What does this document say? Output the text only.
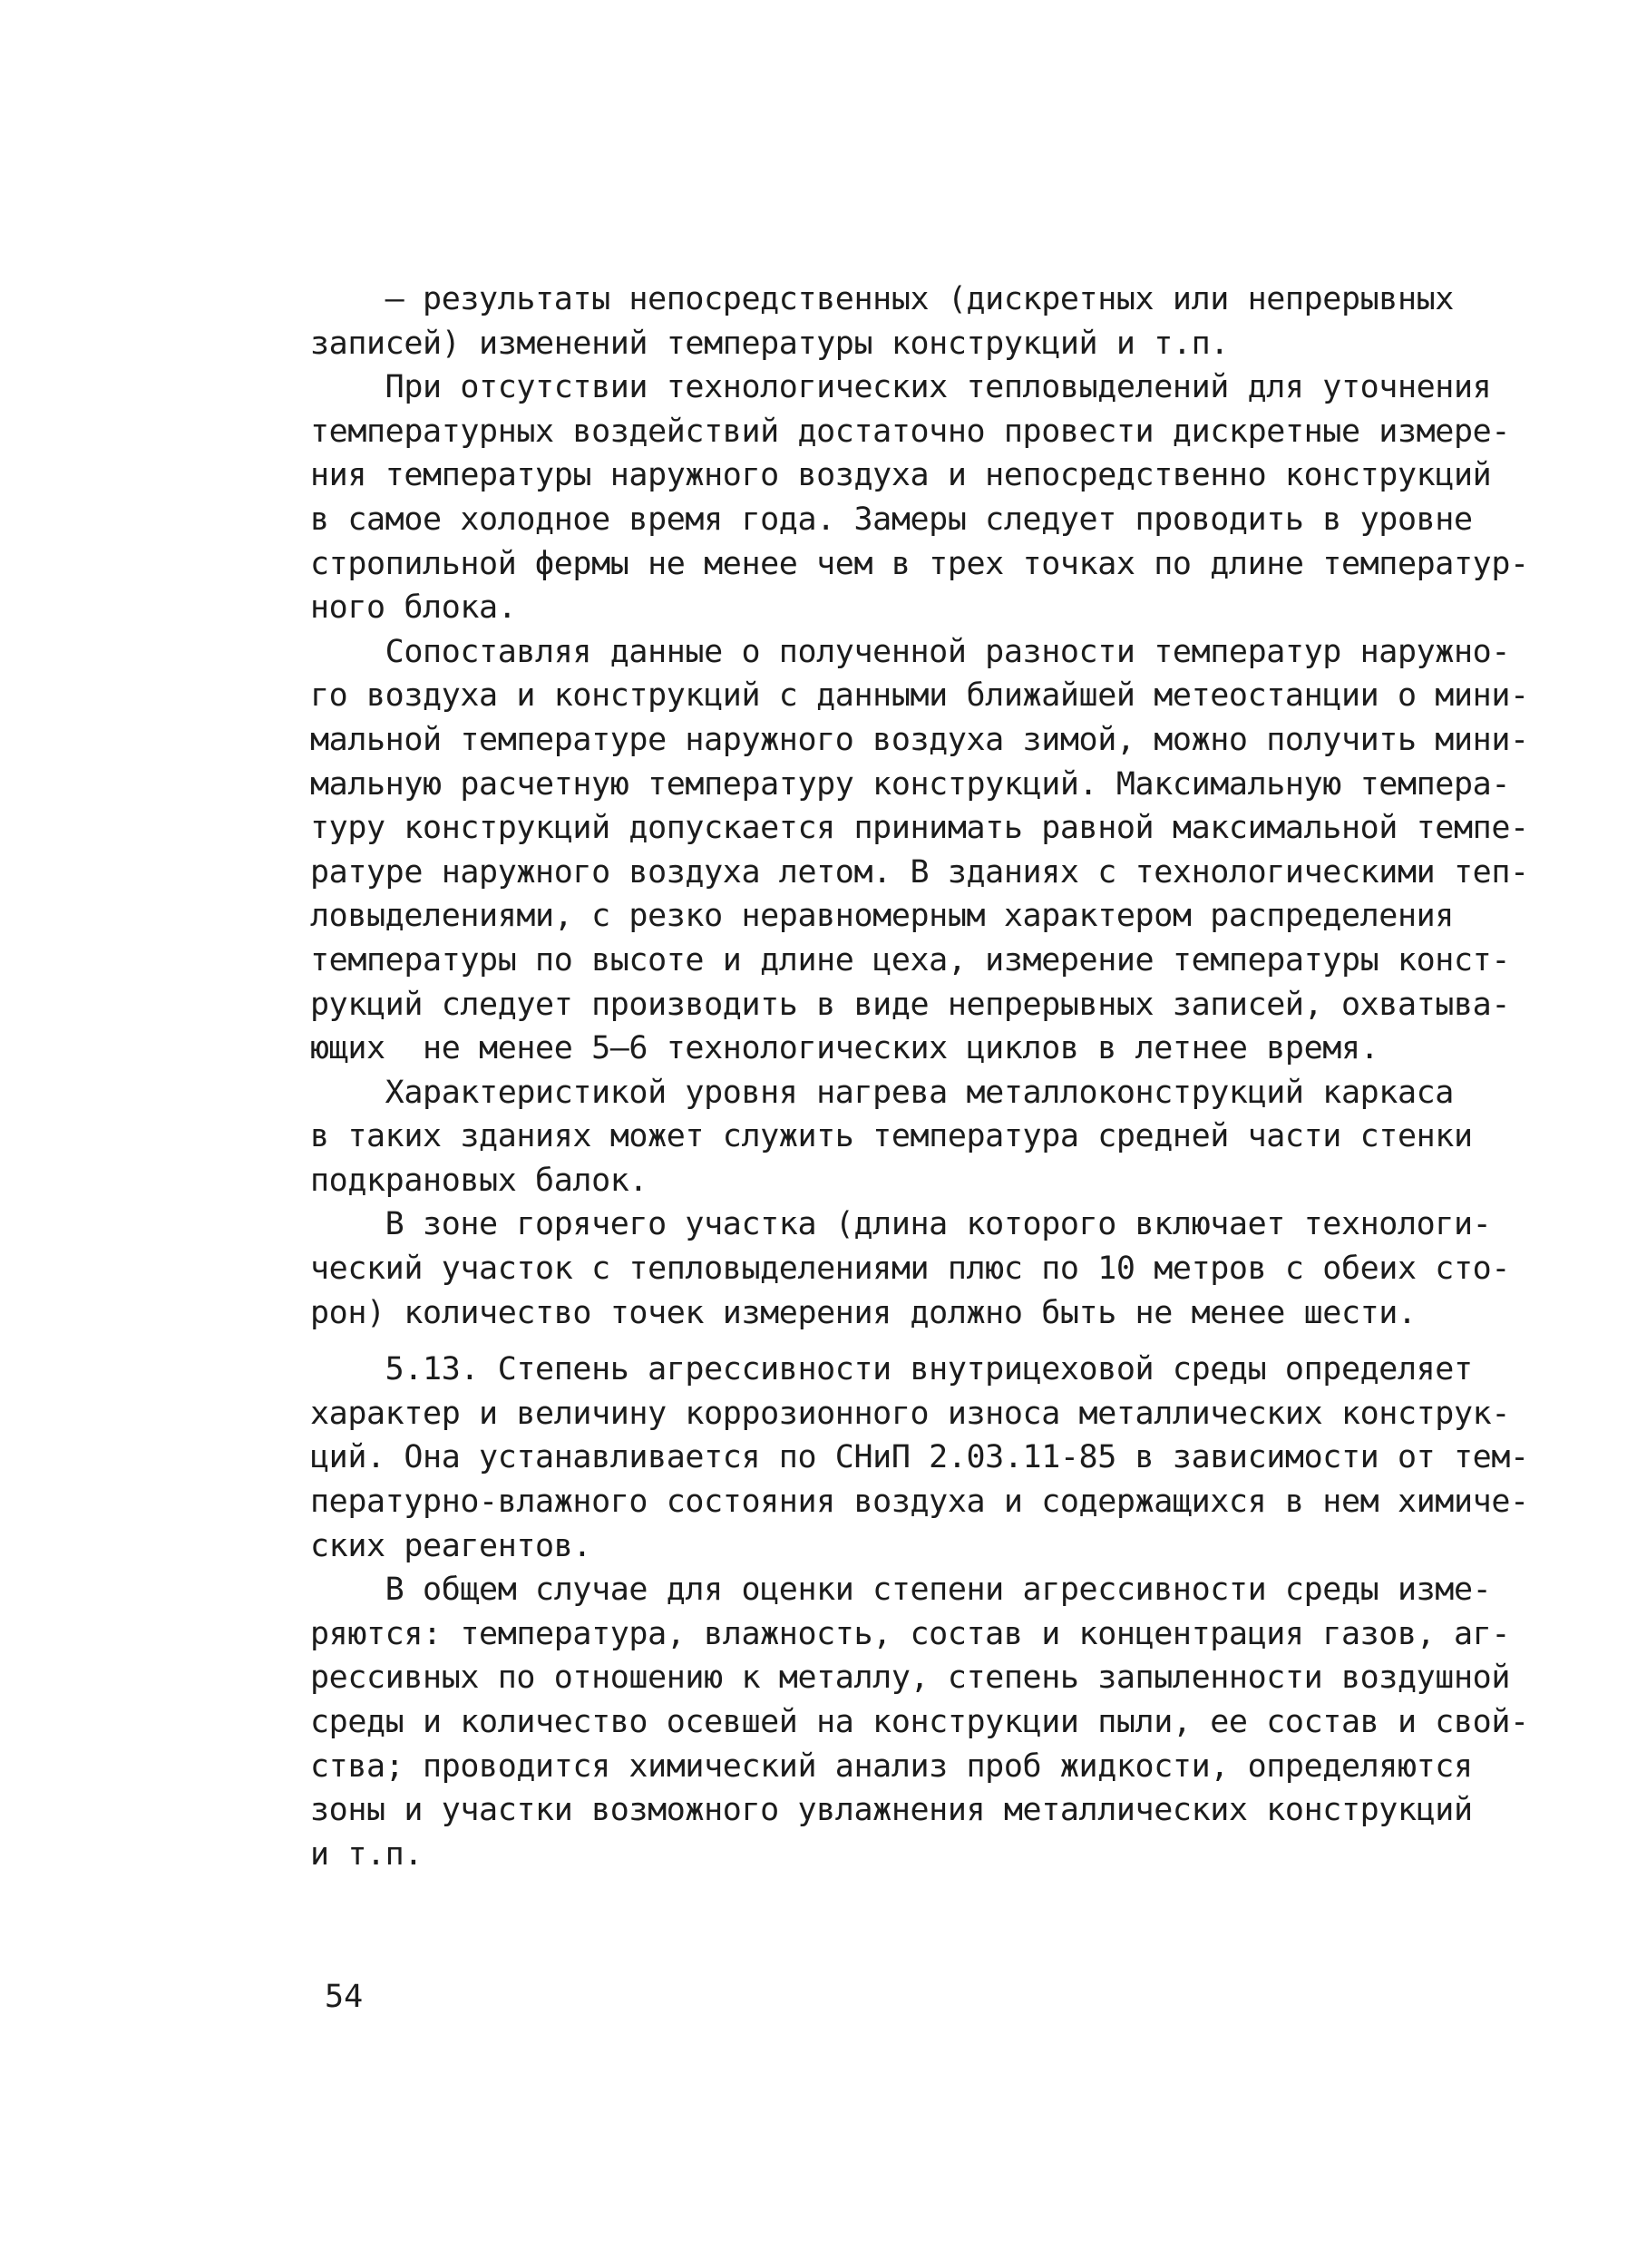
– результаты непосредственных (дискретных или непрерывных
записей) изменений температуры конструкций и т.п.
При отсутствии технологических тепловыделений для уточнения
температурных воздействий достаточно провести дискретные измере-
ния температуры наружного воздуха и непосредственно конструкций
в самое холодное время года. Замеры следует проводить в уровне
стропильной фермы не менее чем в трех точках по длине температур-
ного блока.
Сопоставляя данные о полученной разности температур наружно-
го воздуха и конструкций с данными ближайшей метеостанции о мини-
мальной температуре наружного воздуха зимой, можно получить мини-
мальную расчетную температуру конструкций. Максимальную темпера-
туру конструкций допускается принимать равной максимальной темпе-
ратуре наружного воздуха летом. В зданиях с технологическими теп-
ловыделениями, с резко неравномерным характером распределения
температуры по высоте и длине цеха, измерение температуры конст-
рукций следует производить в виде непрерывных записей, охватыва-
ющих  не менее 5–6 технологических циклов в летнее время.
Характеристикой уровня нагрева металлоконструкций каркаса
в таких зданиях может служить температура средней части стенки
подкрановых балок.
В зоне горячего участка (длина которого включает технологи-
ческий участок с тепловыделениями плюс по 10 метров с обеих сто-
рон) количество точек измерения должно быть не менее шести.
5.13. Степень агрессивности внутрицеховой среды определяет
характер и величину коррозионного износа металлических конструк-
ций. Она устанавливается по СНиП 2.03.11-85 в зависимости от тем-
пературно-влажного состояния воздуха и содержащихся в нем химиче-
ских реагентов.
В общем случае для оценки степени агрессивности среды изме-
ряются: температура, влажность, состав и концентрация газов, аг-
рессивных по отношению к металлу, степень запыленности воздушной
среды и количество осевшей на конструкции пыли, ее состав и свой-
ства; проводится химический анализ проб жидкости, определяются
зоны и участки возможного увлажнения металлических конструкций
и т.п.
54
